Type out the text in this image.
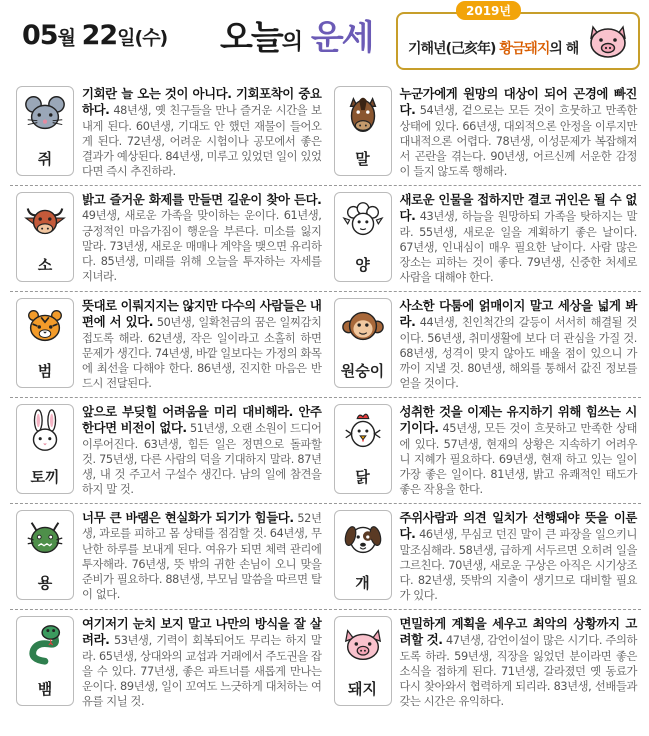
05월 22일(수) 오늘의 운세
2019년
기해년(己亥年) 황금돼지의 해
쥐
기회란 늘 오는 것이 아니다. 기회포착이 중요하다. 48년생, 옛 친구들을 만나 즐거운 시간을 보내게 된다. 60년생, 기대도 안 했던 재물이 들어오게 된다. 72년생, 어려운 시험이나 공모에서 좋은 결과가 예상된다. 84년생, 미루고 있었던 일이 있었다면 즉시 추진하라.
말
누군가에게 원망의 대상이 되어 곤경에 빠진다. 54년생, 겉으로는 모든 것이 흐뭇하고 만족한 상태에 있다. 66년생, 대외적으론 안정을 이루지만 대내적으론 어렵다. 78년생, 이성문제가 복잡해져서 곤란을 겪는다. 90년생, 어르신께 서운한 감정이 들지 않도록 행해라.
소
밝고 즐거운 화제를 만들면 길운이 찾아 든다. 49년생, 새로운 가족을 맞이하는 운이다. 61년생, 긍정적인 마음가짐이 행운을 부른다. 미소를 잃지 말라. 73년생, 새로운 매매나 계약을 맺으면 유리하다. 85년생, 미래를 위해 오늘을 투자하는 자세를 지녀라.
양
새로운 인물을 접하지만 결코 귀인은 될 수 없다. 43년생, 하늘을 원망하되 가족을 탓하지는 말라. 55년생, 새로운 일을 계획하기 좋은 날이다. 67년생, 인내심이 매우 필요한 날이다. 사람 많은 장소는 피하는 것이 좋다. 79년생, 신중한 처세로 사람을 대해야 한다.
범
뜻대로 이뤄지지는 않지만 다수의 사람들은 내 편에 서 있다. 50년생, 일확천금의 꿈은 일찌감치 접도록 해라. 62년생, 작은 일이라고 소홀히 하면 문제가 생긴다. 74년생, 바깥 일보다는 가정의 화목에 최선을 다해야 한다. 86년생, 진지한 마음은 반드시 전달된다.
원숭이
사소한 다툼에 얽매이지 말고 세상을 넓게 봐라. 44년생, 친인척간의 갈등이 서서히 해결될 것이다. 56년생, 취미생활에 보다 더 관심을 가질 것. 68년생, 성격이 맞지 않아도 배울 점이 있으니 가까이 지낼 것. 80년생, 해외를 통해서 값진 정보를 얻을 것이다.
토끼
앞으로 부딪힐 어려움을 미리 대비해라. 안주한다면 비전이 없다. 51년생, 오랜 소원이 드디어 이루어진다. 63년생, 힘든 일은 정면으로 돌파할 것. 75년생, 다른 사람의 덕을 기대하지 말라. 87년생, 내 것 주고서 구설수 생긴다. 남의 일에 참견을 하지 말 것.
닭
성취한 것을 이제는 유지하기 위해 힘쓰는 시기이다. 45년생, 모든 것이 흐뭇하고 만족한 상태에 있다. 57년생, 현재의 상황은 지속하기 어려우니 지혜가 필요하다. 69년생, 현재 하고 있는 일이 가장 좋은 일이다. 81년생, 밝고 유쾌적인 태도가 좋은 작용을 한다.
용
너무 큰 바램은 현실화가 되기가 힘들다. 52년생, 과로를 피하고 몸 상태를 점검할 것. 64년생, 무난한 하루를 보내게 된다. 여유가 되면 체력 관리에 투자해라. 76년생, 뜻 밖의 귀한 손님이 오니 맞을 준비가 필요하다. 88년생, 부모님 말씀을 따르면 탈이 없다.
개
주위사람과 의견 일치가 선행돼야 뜻을 이룬다. 46년생, 무심코 던진 말이 큰 파장을 일으키니 말조심해라. 58년생, 급하게 서두르면 오히려 일을 그르친다. 70년생, 새로운 구상은 아직은 시기상조다. 82년생, 뜻밖의 지출이 생기므로 대비할 필요가 있다.
뱀
여기저기 눈치 보지 말고 나만의 방식을 잘 살려라. 53년생, 기력이 회복되어도 무리는 하지 말라. 65년생, 상대와의 교섭과 거래에서 주도권을 잡을 수 있다. 77년생, 좋은 파트너를 새롭게 만나는 운이다. 89년생, 일이 꼬여도 느긋하게 대처하는 여유를 지닐 것.
돼지
면밀하게 계획을 세우고 최악의 상황까지 고려할 것. 47년생, 감언이설이 많은 시기다. 주의하도록 하라. 59년생, 직장을 잃었던 분이라면 좋은 소식을 접하게 된다. 71년생, 갈라졌던 옛 동료가 다시 찾아와서 협력하게 되리라. 83년생, 선배들과 갖는 시간은 유익하다.
